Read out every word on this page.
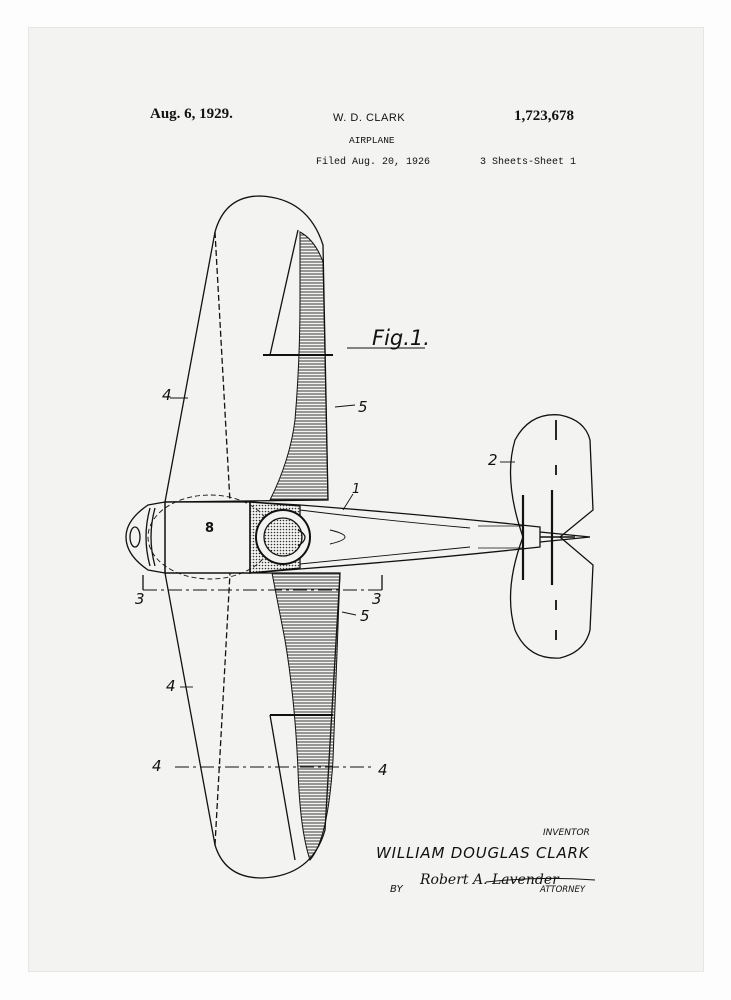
Aug. 6, 1929.	W. D. CLARK	1,723,678
AIRPLANE
Filed Aug. 20, 1926	3 Sheets-Sheet 1
Fig.1.
4
5
2
1
8
3	3
5
4
4	4
Robert A. Lavender
INVENTOR
WILLIAM DOUGLAS CLARK
BY	ATTORNEY
